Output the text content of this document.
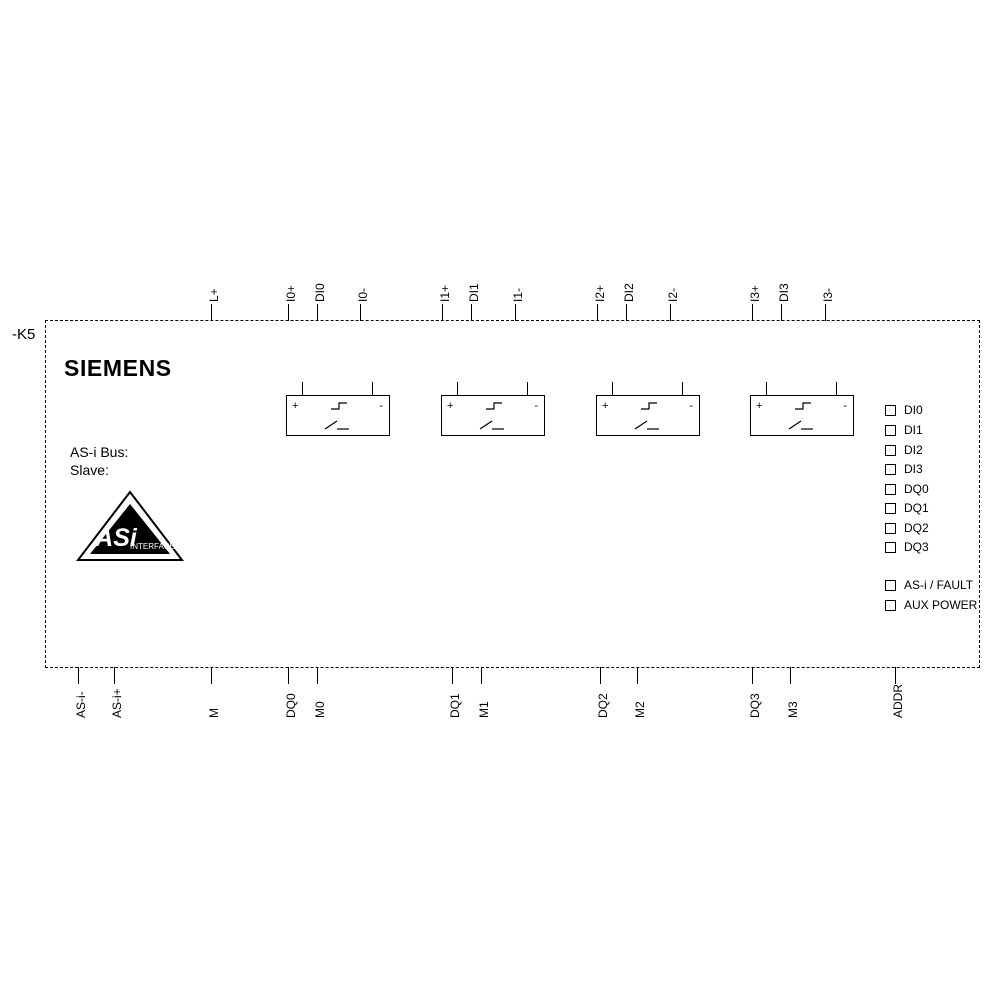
-K5
SIEMENS
AS-i Bus:
Slave:
ASi
INTERFACE
L+	I0+ DI0 I0-	I1+ DI1	I1-	I2+ DI2	I2-	I3+ DI3	I3-
AS-i- AS-i+	M	DQ0 M0	DQ1 M1	DQ2 M2	DQ3 M3	ADDR
+	-	+	-	+	-	+	-	DI0
DI1
DI2
DI3
DQ0
DQ1
DQ2
DQ3
AS-i / FAULT
AUX POWER
